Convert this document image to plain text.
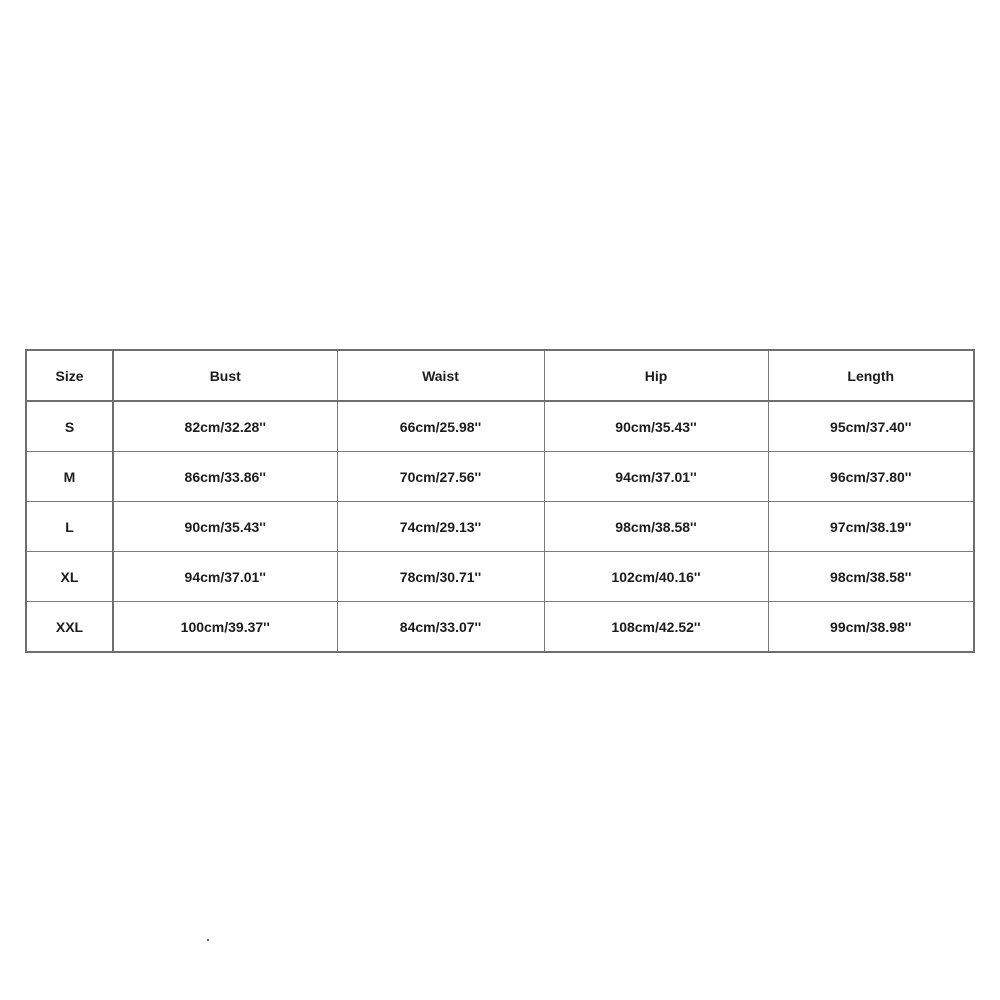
Size	Bust	Waist	Hip	Length
S	82cm/32.28''	66cm/25.98''	90cm/35.43''	95cm/37.40''
M	86cm/33.86''	70cm/27.56''	94cm/37.01''	96cm/37.80''
L	90cm/35.43''	74cm/29.13''	98cm/38.58''	97cm/38.19''
XL	94cm/37.01''	78cm/30.71''	102cm/40.16''	98cm/38.58''
XXL	100cm/39.37''	84cm/33.07''	108cm/42.52''	99cm/38.98''
